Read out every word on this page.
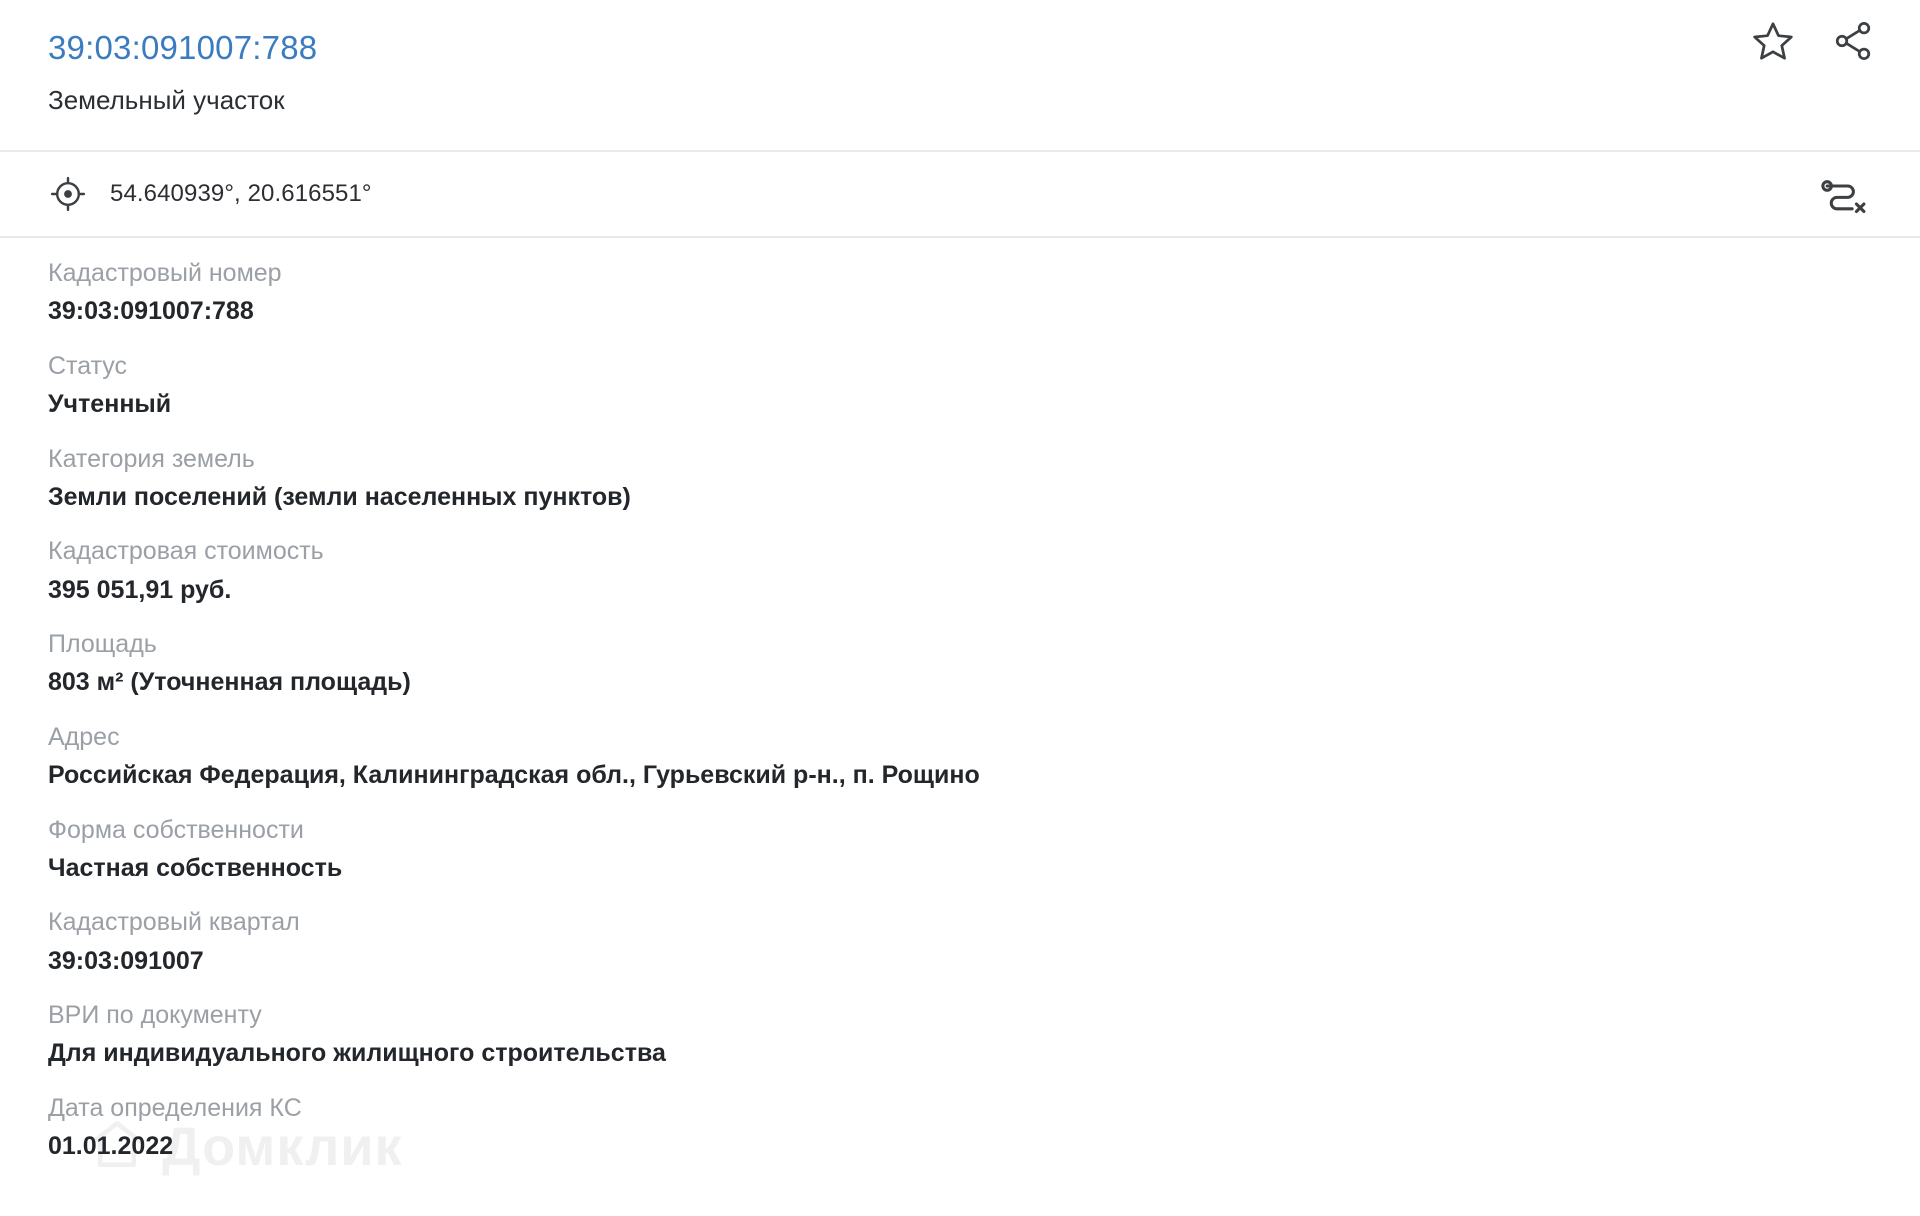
39:03:091007:788
Земельный участок
54.640939°, 20.616551°
Кадастровый номер
39:03:091007:788
Статус
Учтенный
Категория земель
Земли поселений (земли населенных пунктов)
Кадастровая стоимость
395 051,91 руб.
Площадь
803 м² (Уточненная площадь)
Адрес
Российская Федерация, Калининградская обл., Гурьевский р-н., п. Рощино
Форма собственности
Частная собственность
Кадастровый квартал
39:03:091007
ВРИ по документу
Для индивидуального жилищного строительства
Дата определения КС
01.01.2022
Домклик
